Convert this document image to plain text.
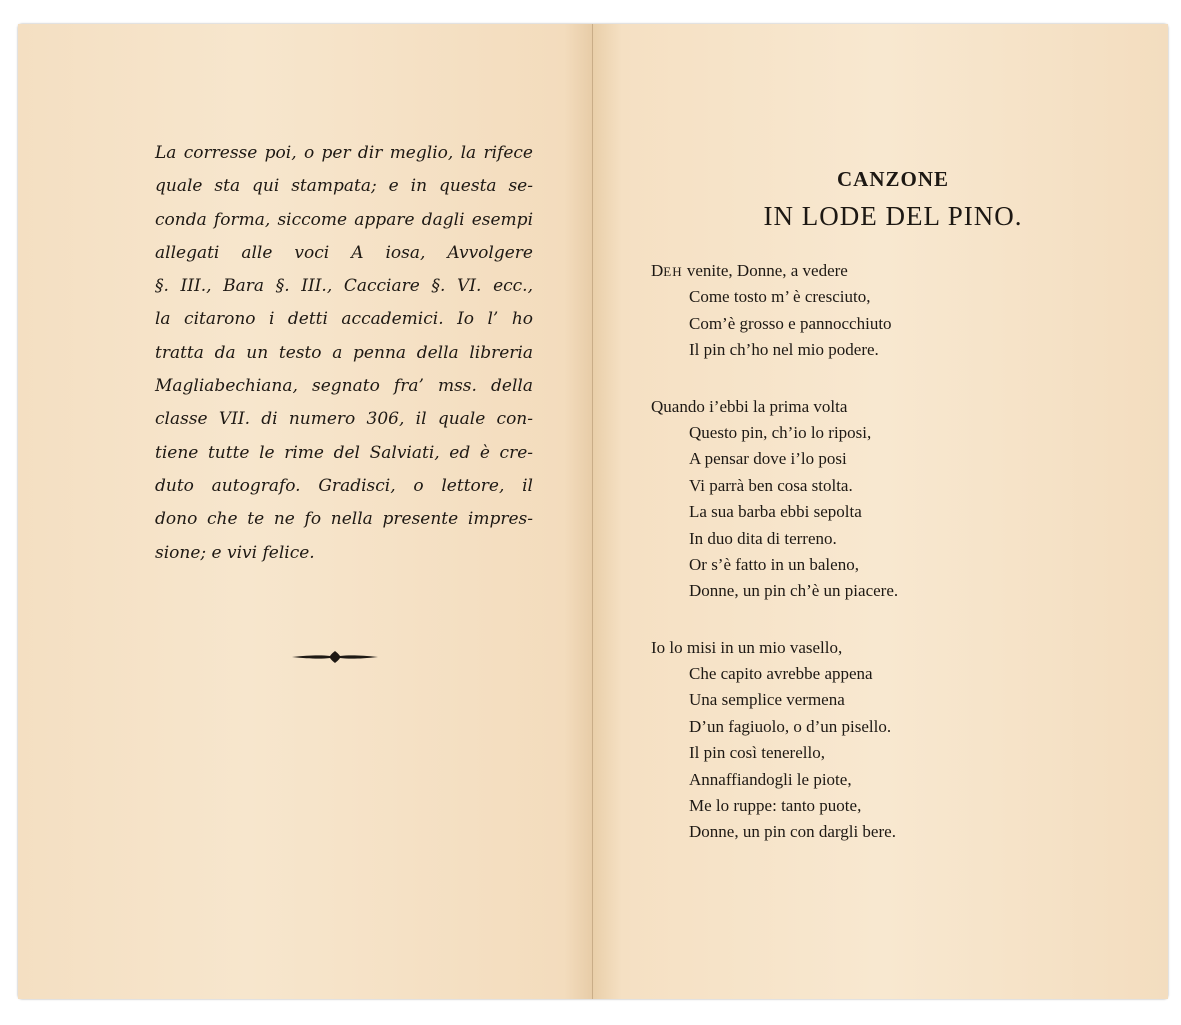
La corresse poi, o per dir meglio, la rifece
quale sta qui stampata; e in questa se-
conda forma, siccome appare dagli esempi
allegati alle voci A iosa, Avvolgere
§. III., Bara §. III., Cacciare §. VI. ecc.,
la citarono i detti accademici. Io l’ ho
tratta da un testo a penna della libreria
Magliabechiana, segnato fra’ mss. della
classe VII. di numero 306, il quale con-
tiene tutte le rime del Salviati, ed è cre-
duto autografo. Gradisci, o lettore, il
dono che te ne fo nella presente impres-
sione; e vivi felice.
CANZONE
IN LODE DEL PINO.
DEH venite, Donne, a vedere
Come tosto m’ è cresciuto,
Com’è grosso e pannocchiuto
Il pin ch’ho nel mio podere.
Quando i’ebbi la prima volta
Questo pin, ch’io lo riposi,
A pensar dove i’lo posi
Vi parrà ben cosa stolta.
La sua barba ebbi sepolta
In duo dita di terreno.
Or s’è fatto in un baleno,
Donne, un pin ch’è un piacere.
Io lo misi in un mio vasello,
Che capito avrebbe appena
Una semplice vermena
D’un fagiuolo, o d’un pisello.
Il pin così tenerello,
Annaffiandogli le piote,
Me lo ruppe: tanto puote,
Donne, un pin con dargli bere.
